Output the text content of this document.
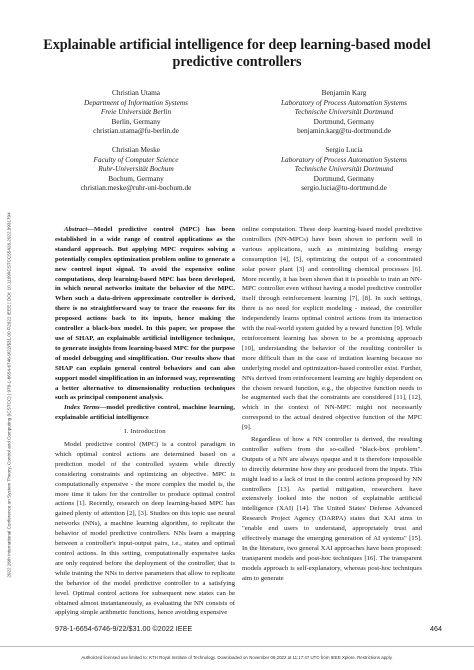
2022 26th International Conference on System Theory, Control and Computing (ICSTCC) | 978-1-6654-6746-9/22/$31.00 ©2022 IEEE | DOI: 10.1109/ICSTCC55426.2022.9931794
Explainable artificial intelligence for deep learning-based model predictive controllers
Christian Utama
Department of Information Systems
Freie Universität Berlin
Berlin, Germany
christian.utama@fu-berlin.de
Benjamin Karg
Laboratory of Process Automation Systems
Technische Universität Dortmund
Dortmund, Germany
benjamin.karg@tu-dortmund.de
Christian Meske
Faculty of Computer Science
Ruhr-Universität Bochum
Bochum, Germany
christian.meske@ruhr-uni-bochum.de
Sergio Lucia
Laboratory of Process Automation Systems
Technische Universität Dortmund
Dortmund, Germany
sergio.lucia@tu-dortmund.de

Abstract—Model predictive control (MPC) has been established in a wide range of control applications as the standard approach. But applying MPC requires solving a potentially complex optimization problem online to generate a new control input signal. To avoid the expensive online computations, deep learning-based MPC has been developed, in which neural networks imitate the behavior of the MPC. When such a data-driven approximate controller is derived, there is no straightforward way to trace the reasons for its proposed actions back to its inputs, hence making the controller a black-box model. In this paper, we propose the use of SHAP, an explainable artificial intelligence technique, to generate insights from learning-based MPC for the purpose of model debugging and simplification. Our results show that SHAP can explain general control behaviors and can also support model simplification in an informed way, representing a better alternative to dimensionality reduction techniques such as principal component analysis.

Index Terms—model predictive control, machine learning, explainable artificial intelligence

I. Introduction

Model predictive control (MPC) is a control paradigm in which optimal control actions are determined based on a prediction model of the controlled system while directly considering constraints and optimizing an objective. MPC is computationally expensive - the more complex the model is, the more time it takes for the controller to produce optimal control actions [1]. Recently, research on deep learning-based MPC has gained plenty of attention [2], [3]. Studies on this topic use neural networks (NNs), a machine learning algorithm, to replicate the behavior of model predictive controllers. NNs learn a mapping between a controller's input-output pairs, i.e., states and optimal control actions. In this setting, computationally expensive tasks are only required before the deployment of the controller, that is while training the NNs to derive parameters that allow to replicate the behavior of the model predictive controller to a satisfying level. Optimal control actions for subsequent new states can be obtained almost instantaneously, as evaluating the NN consists of applying simple arithmetic functions, hence avoiding expensive

online computation. These deep learning-based model predictive controllers (NN-MPCs) have been shown to perform well in various applications, such as minimizing building energy consumption [4], [5], optimizing the output of a concentrated solar power plant [3] and controlling chemical processes [6]. More recently, it has been shown that it is possible to train an NN-MPC controller even without having a model predictive controller itself through reinforcement learning [7], [8]. In such settings, there is no need for explicit modeling - instead, the controller independently learns optimal control actions from its interaction with the real-world system guided by a reward function [9]. While reinforcement learning has shown to be a promising approach [10], understanding the behavior of the resulting controller is more difficult than in the case of imitation learning because no underlying model and optimization-based controller exist. Further, NNs derived from reinforcement learning are highly dependent on the chosen reward function, e.g., the objective function needs to be augmented such that the constraints are considered [11], [12], which in the context of NN-MPC might not necessarily correspond to the actual desired objective function of the MPC [9].

Regardless of how a NN controller is derived, the resulting controller suffers from the so-called "black-box problem". Outputs of a NN are always opaque and it is therefore impossible to directly determine how they are produced from the inputs. This might lead to a lack of trust in the control actions proposed by NN controllers [13]. As partial mitigation, researchers have extensively looked into the notion of explainable artificial intelligence (XAI) [14]. The United States' Defense Advanced Research Project Agency (DARPA) states that XAI aims to "enable end users to understand, appropriately trust and effectively manage the emerging generation of AI systems" [15]. In the literature, two general XAI approaches have been proposed: transparent models and post-hoc techniques [16]. The transparent models approach is self-explanatory, whereas post-hoc techniques aim to generate

978-1-6654-6746-9/22/$31.00 ©2022 IEEE	464
Authorized licensed use limited to: KTH Royal Institute of Technology. Downloaded on November 09,2022 at 11:17:47 UTC from IEEE Xplore. Restrictions apply.
